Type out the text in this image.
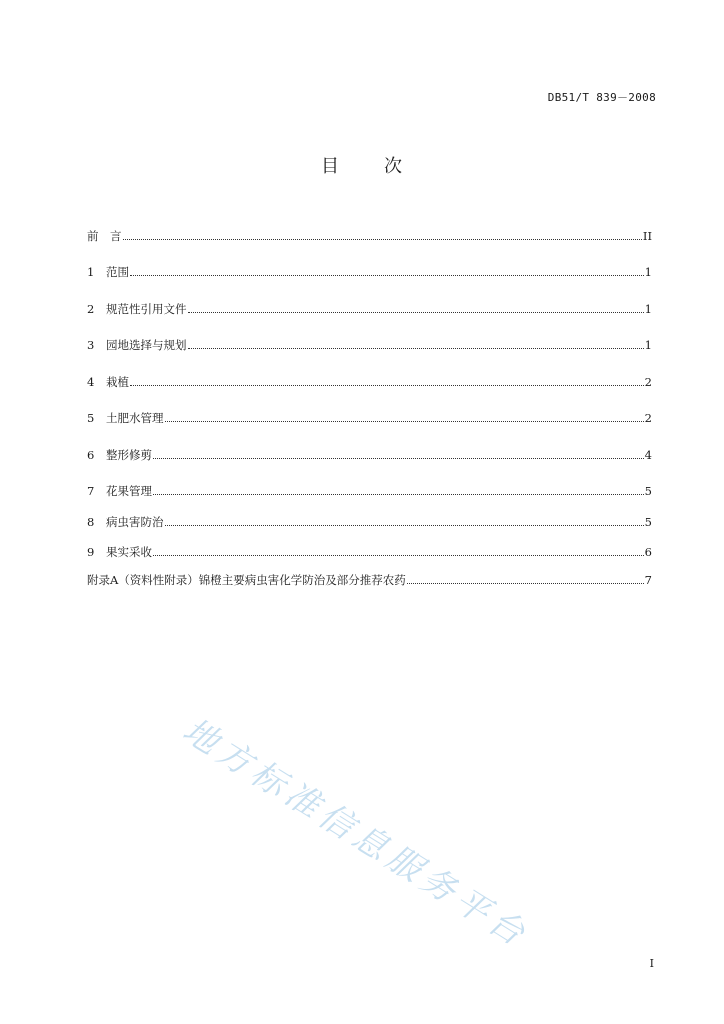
DB51/T 839－2008
目 次
前　言	II
1	范围	1
2	规范性引用文件	1
3	园地选择与规划	1
4	栽植	2
5	土肥水管理	2
6	整形修剪	4
7	花果管理	5
8	病虫害防治	5
9	果实采收	6
附录A（资料性附录）锦橙主要病虫害化学防治及部分推荐农药	7
地方标准信息服务平台
I
